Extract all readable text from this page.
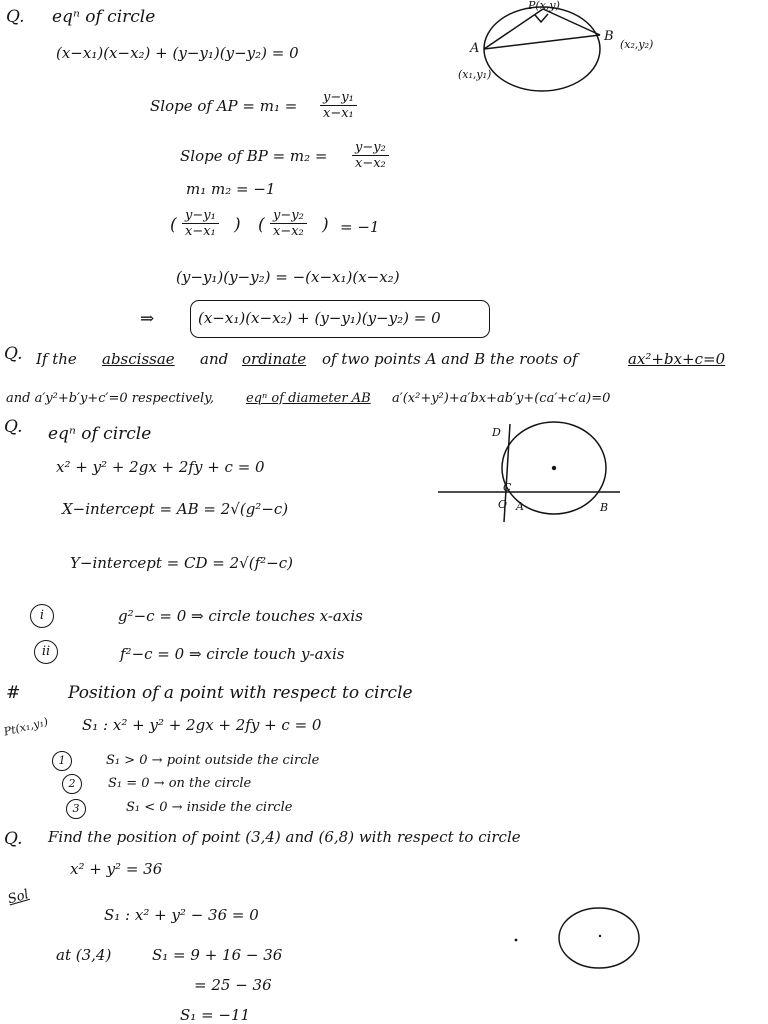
Q. eqⁿ of circle
(x−x₁)(x−x₂) + (y−y₁)(y−y₂) = 0
P(x,y)
A
(x₁,y₁)
B
(x₂,y₂)
Slope of AP = $m_1 = \frac{\text{y−y₁}}{\text{x−x₁}}$
Slope of BP = $m_2 = \frac{\text{y−y₂}}{\text{x−x₂}}$
m₁ m₂ = −1
( $\frac{\text{y−y₁}}{\text{x−x₁}}$ ) ( $\frac{\text{y−y₂}}{\text{x−x₂}}$ ) = −1
(y−y₁)(y−y₂) = −(x−x₁)(x−x₂)
⇒	(x−x₁)(x−x₂) + (y−y₁)(y−y₂) = 0
Q. If the abscissae and ordinate of two points A and B the roots of	ax²+bx+c=0
and a′y²+b′y+c′=0 respectively, eqⁿ of diameter AB a′(x²+y²)+a′bx+ab′y+(ca′+c′a)=0
Q. eqⁿ of circle
x² + y² + 2gx + 2fy + c = 0
D
C
O A	B
X−intercept = AB = 2√(g²−c)
Y−intercept = CD = 2√(f²−c)
i	g²−c = 0 ⇒ circle touches x-axis
ii	f²−c = 0 ⇒ circle touch y-axis
#	Position of a point with respect to circle
Pt(x₁,y₁) S₁ : x² + y² + 2gx + 2fy + c = 0
1	S₁ > 0 → point outside the circle
2	S₁ = 0 → on the circle
3	S₁ < 0 → inside the circle
Q. Find the position of point (3,4) and (6,8) with respect to circle
x² + y² = 36
Sol
S₁ : x² + y² − 36 = 0
at (3,4)	S₁ = 9 + 16 − 36
= 25 − 36
S₁ = −11
